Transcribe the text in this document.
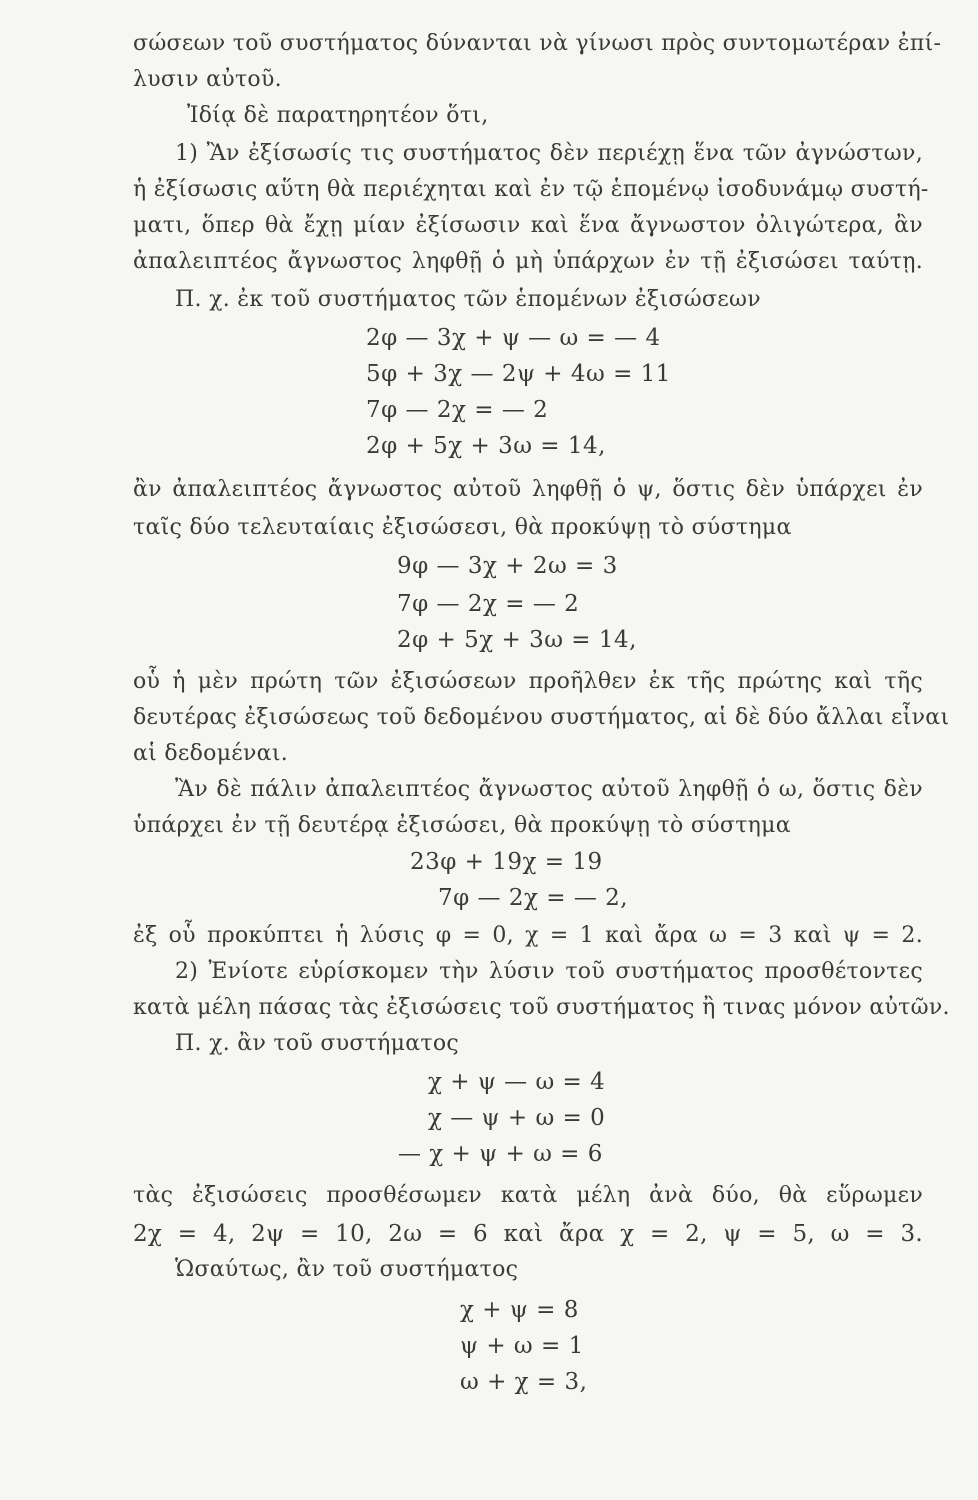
σώσεων τοῦ συστήματος δύνανται νὰ γίνωσι πρὸς συντομωτέραν ἐπί-
λυσιν αὐτοῦ.
Ἰδίᾳ δὲ παρατηρητέον ὅτι,
1) Ἂν ἐξίσωσίς τις συστήματος δὲν περιέχῃ ἕνα τῶν ἀγνώστων,
ἡ ἐξίσωσις αὕτη θὰ περιέχηται καὶ ἐν τῷ ἑπομένῳ ἰσοδυνάμῳ συστή-
ματι, ὅπερ θὰ ἔχῃ μίαν ἐξίσωσιν καὶ ἕνα ἄγνωστον ὀλιγώτερα, ἂν
ἀπαλειπτέος ἄγνωστος ληφθῇ ὁ μὴ ὑπάρχων ἐν τῇ ἐξισώσει ταύτῃ.
Π. χ. ἐκ τοῦ συστήματος τῶν ἑπομένων ἐξισώσεων
2φ — 3χ + ψ — ω = — 4
5φ + 3χ — 2ψ + 4ω = 11
7φ — 2χ = — 2
2φ + 5χ + 3ω = 14,
ἂν ἀπαλειπτέος ἄγνωστος αὐτοῦ ληφθῇ ὁ ψ, ὅστις δὲν ὑπάρχει ἐν
ταῖς δύο τελευταίαις ἐξισώσεσι, θὰ προκύψῃ τὸ σύστημα
9φ — 3χ + 2ω = 3
7φ — 2χ = — 2
2φ + 5χ + 3ω = 14,
οὗ ἡ μὲν πρώτη τῶν ἐξισώσεων προῆλθεν ἐκ τῆς πρώτης καὶ τῆς
δευτέρας ἐξισώσεως τοῦ δεδομένου συστήματος, αἱ δὲ δύο ἄλλαι εἶναι
αἱ δεδομέναι.
Ἂν δὲ πάλιν ἀπαλειπτέος ἄγνωστος αὐτοῦ ληφθῇ ὁ ω, ὅστις δὲν
ὑπάρχει ἐν τῇ δευτέρᾳ ἐξισώσει, θὰ προκύψῃ τὸ σύστημα
23φ + 19χ = 19
7φ — 2χ = — 2,
ἐξ οὗ προκύπτει ἡ λύσις φ = 0, χ = 1 καὶ ἄρα ω = 3 καὶ ψ = 2.
2) Ἐνίοτε εὑρίσκομεν τὴν λύσιν τοῦ συστήματος προσθέτοντες
κατὰ μέλη πάσας τὰς ἐξισώσεις τοῦ συστήματος ἢ τινας μόνον αὐτῶν.
Π. χ. ἂν τοῦ συστήματος
χ + ψ — ω = 4
χ — ψ + ω = 0
— χ + ψ + ω = 6
τὰς ἐξισώσεις προσθέσωμεν κατὰ μέλη ἀνὰ δύο, θὰ εὕρωμεν
2χ = 4, 2ψ = 10, 2ω = 6 καὶ ἄρα χ = 2, ψ = 5, ω = 3.
Ὡσαύτως, ἂν τοῦ συστήματος
χ + ψ = 8
ψ + ω = 1
ω + χ = 3,
